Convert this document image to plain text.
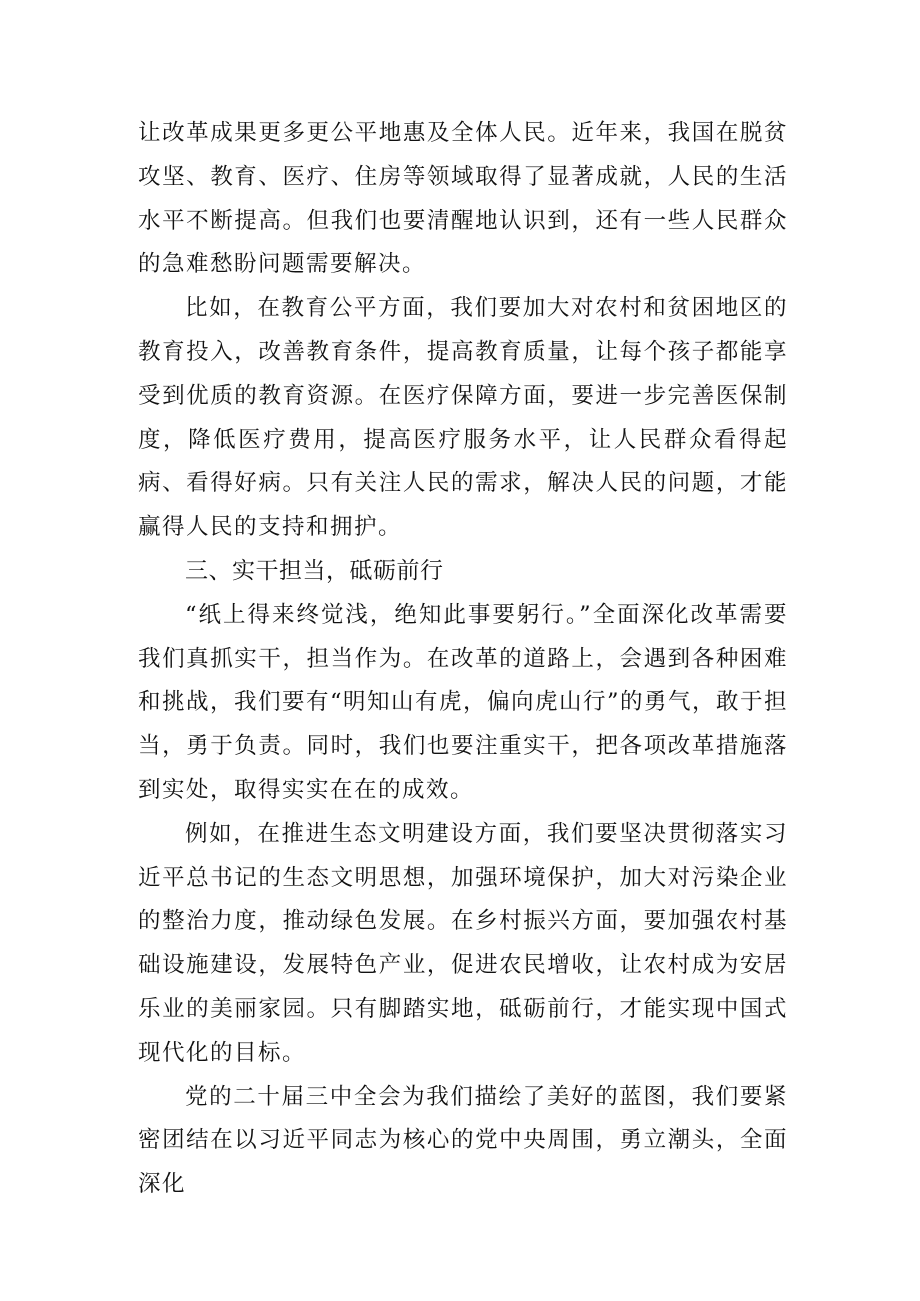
让改革成果更多更公平地惠及全体人民。近年来，我国在脱贫攻坚、教育、医疗、住房等领域取得了显著成就，人民的生活水平不断提高。但我们也要清醒地认识到，还有一些人民群众的急难愁盼问题需要解决。

比如，在教育公平方面，我们要加大对农村和贫困地区的教育投入，改善教育条件，提高教育质量，让每个孩子都能享受到优质的教育资源。在医疗保障方面，要进一步完善医保制度，降低医疗费用，提高医疗服务水平，让人民群众看得起病、看得好病。只有关注人民的需求，解决人民的问题，才能赢得人民的支持和拥护。

三、实干担当，砥砺前行

“纸上得来终觉浅，绝知此事要躬行。”全面深化改革需要我们真抓实干，担当作为。在改革的道路上，会遇到各种困难和挑战，我们要有“明知山有虎，偏向虎山行”的勇气，敢于担当，勇于负责。同时，我们也要注重实干，把各项改革措施落到实处，取得实实在在的成效。

例如，在推进生态文明建设方面，我们要坚决贯彻落实习近平总书记的生态文明思想，加强环境保护，加大对污染企业的整治力度，推动绿色发展。在乡村振兴方面，要加强农村基础设施建设，发展特色产业，促进农民增收，让农村成为安居乐业的美丽家园。只有脚踏实地，砥砺前行，才能实现中国式现代化的目标。

党的二十届三中全会为我们描绘了美好的蓝图，我们要紧密团结在以习近平同志为核心的党中央周围，勇立潮头，全面深化
